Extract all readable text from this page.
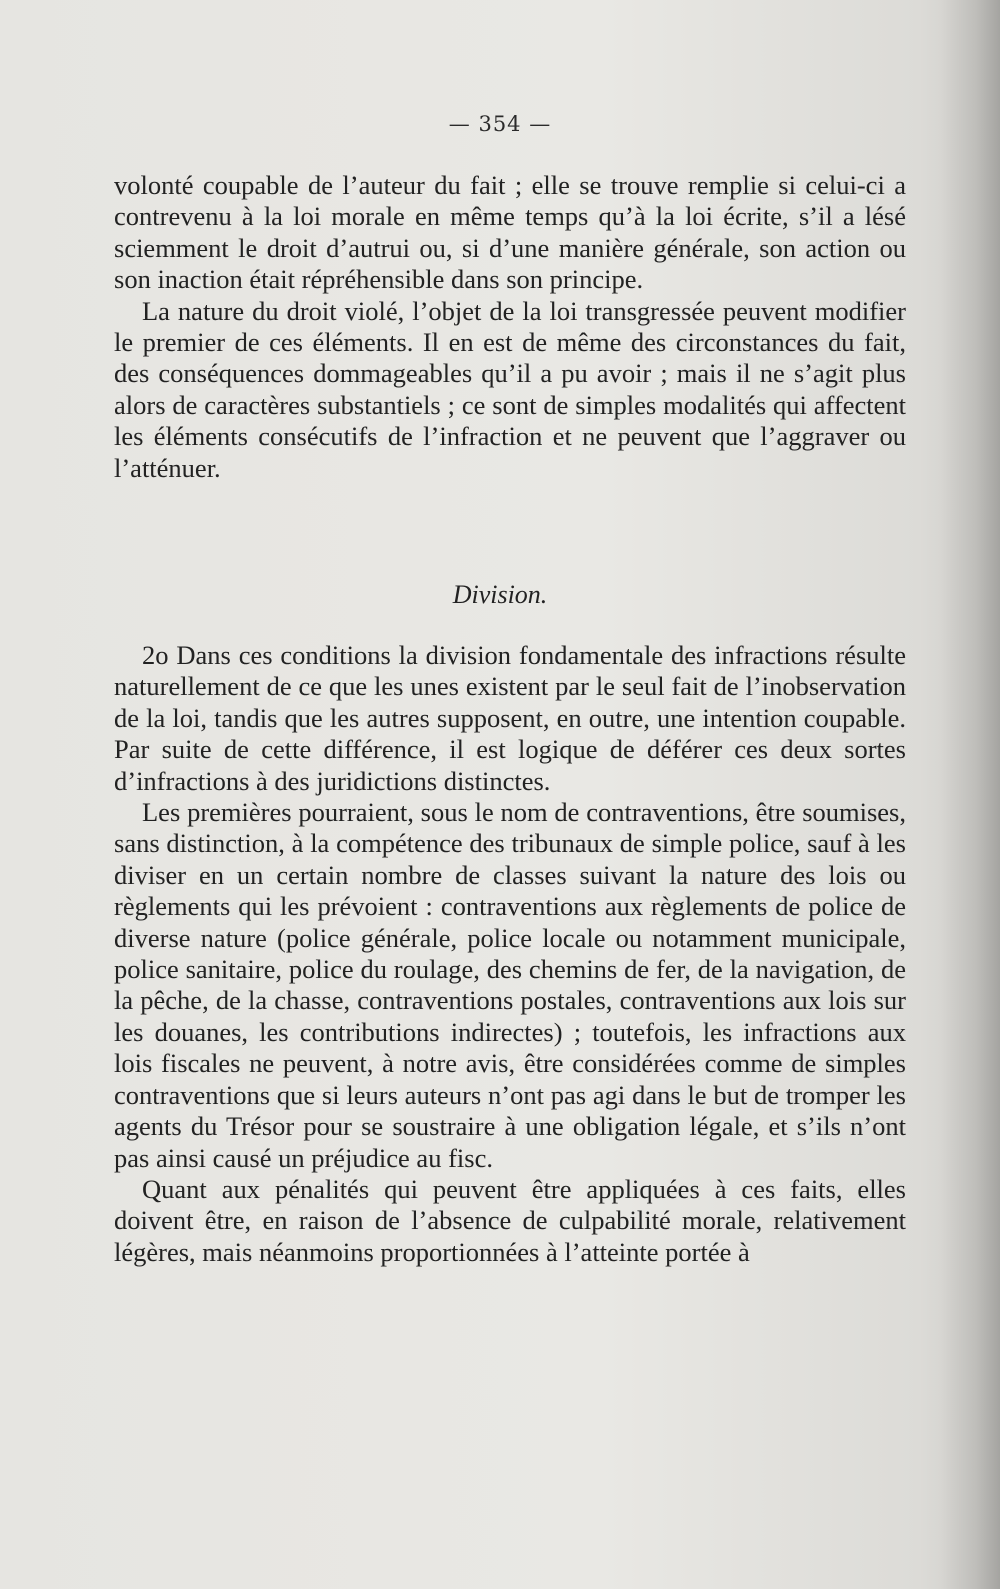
— 354 —

volonté coupable de l’auteur du fait ; elle se trouve remplie si celui-ci a contrevenu à la loi morale en même temps qu’à la loi écrite, s’il a lésé sciemment le droit d’autrui ou, si d’une manière générale, son action ou son inaction était répréhensible dans son principe.

La nature du droit violé, l’objet de la loi transgressée peuvent modifier le premier de ces éléments. Il en est de même des circonstances du fait, des conséquences dommageables qu’il a pu avoir ; mais il ne s’agit plus alors de caractères substantiels ; ce sont de simples modalités qui affectent les éléments consécutifs de l’infraction et ne peuvent que l’aggraver ou l’atténuer.

Division.

2o Dans ces conditions la division fondamentale des infractions résulte naturellement de ce que les unes existent par le seul fait de l’inobservation de la loi, tandis que les autres supposent, en outre, une intention coupable. Par suite de cette différence, il est logique de déférer ces deux sortes d’infractions à des juridictions distinctes.

Les premières pourraient, sous le nom de contraventions, être soumises, sans distinction, à la compétence des tribunaux de simple police, sauf à les diviser en un certain nombre de classes suivant la nature des lois ou règlements qui les prévoient : contraventions aux règlements de police de diverse nature (police générale, police locale ou notamment municipale, police sanitaire, police du roulage, des chemins de fer, de la navigation, de la pêche, de la chasse, contraventions postales, contraventions aux lois sur les douanes, les contributions indirectes) ; toutefois, les infractions aux lois fiscales ne peuvent, à notre avis, être considérées comme de simples contraventions que si leurs auteurs n’ont pas agi dans le but de tromper les agents du Trésor pour se soustraire à une obligation légale, et s’ils n’ont pas ainsi causé un préjudice au fisc.

Quant aux pénalités qui peuvent être appliquées à ces faits, elles doivent être, en raison de l’absence de culpabilité morale, relativement légères, mais néanmoins proportionnées à l’atteinte portée à
